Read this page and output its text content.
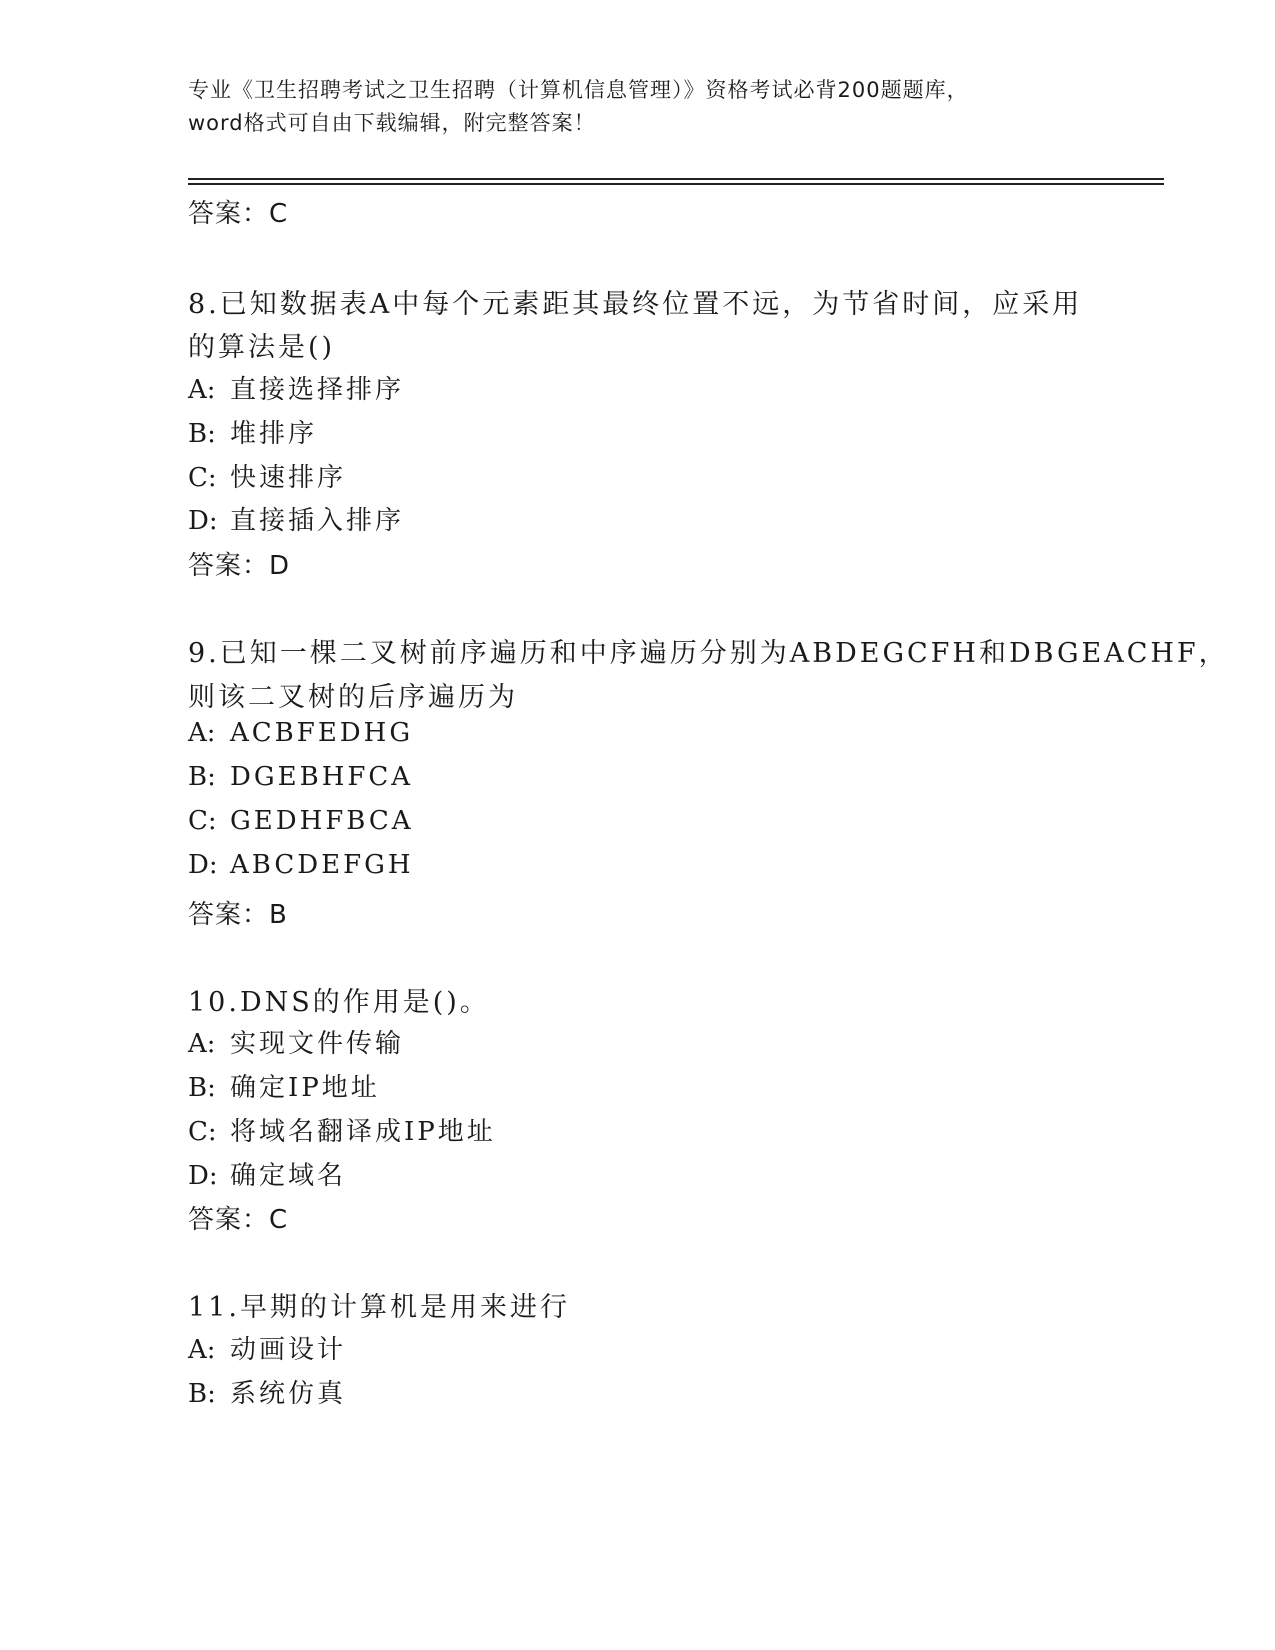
专业《卫生招聘考试之卫生招聘（计算机信息管理）》资格考试必背200题题库，
word格式可自由下载编辑，附完整答案！
答案：C
8.已知数据表A中每个元素距其最终位置不远，为节省时间，应采用
的算法是()
A: 直接选择排序
B: 堆排序
C: 快速排序
D: 直接插入排序
答案：D
9.已知一棵二叉树前序遍历和中序遍历分别为ABDEGCFH和DBGEACHF，
则该二叉树的后序遍历为
A: ACBFEDHG
B: DGEBHFCA
C: GEDHFBCA
D: ABCDEFGH
答案：B
10.DNS的作用是()。
A: 实现文件传输
B: 确定IP地址
C: 将域名翻译成IP地址
D: 确定域名
答案：C
11.早期的计算机是用来进行
A: 动画设计
B: 系统仿真
